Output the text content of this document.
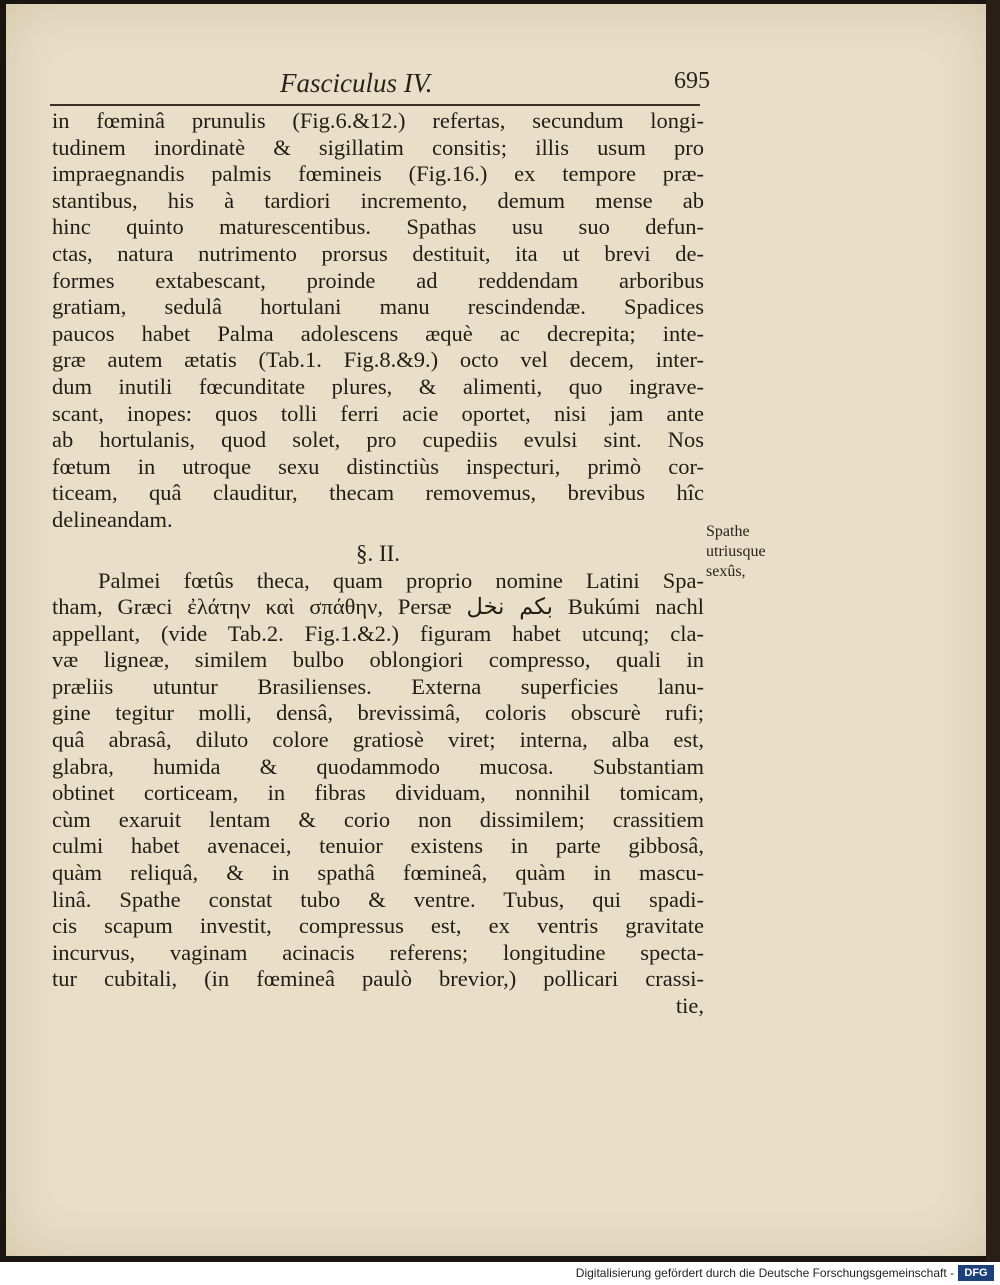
Fasciculus IV.	695
in fœminâ prunulis (Fig.6.&12.) refertas, secundum longi-
tudinem inordinatè & sigillatim consitis; illis usum pro
impraegnandis palmis fœmineis (Fig.16.) ex tempore præ-
stantibus, his à tardiori incremento, demum mense ab
hinc quinto maturescentibus. Spathas usu suo defun-
ctas, natura nutrimento prorsus destituit, ita ut brevi de-
formes extabescant, proinde ad reddendam arboribus
gratiam, sedulâ hortulani manu rescindendæ. Spadices
paucos habet Palma adolescens æquè ac decrepita; inte-
græ autem ætatis (Tab.1. Fig.8.&9.) octo vel decem, inter-
dum inutili fœcunditate plures, & alimenti, quo ingrave-
scant, inopes: quos tolli ferri acie oportet, nisi jam ante
ab hortulanis, quod solet, pro cupediis evulsi sint. Nos
fœtum in utroque sexu distinctiùs inspecturi, primò cor-
ticeam, quâ clauditur, thecam removemus, brevibus hîc
delineandam.
§. II.
Palmei fœtûs theca, quam proprio nomine Latini Spa-
tham, Græci ἐλάτην καὶ σπάθην, Persæ بكم نخل Bukúmi nachl
appellant, (vide Tab.2. Fig.1.&2.) figuram habet utcunq; cla-
væ ligneæ, similem bulbo oblongiori compresso, quali in
præliis utuntur Brasilienses. Externa superficies lanu-
gine tegitur molli, densâ, brevissimâ, coloris obscurè rufi;
quâ abrasâ, diluto colore gratiosè viret; interna, alba est,
glabra, humida & quodammodo mucosa. Substantiam
obtinet corticeam, in fibras dividuam, nonnihil tomicam,
cùm exaruit lentam & corio non dissimilem; crassitiem
culmi habet avenacei, tenuior existens in parte gibbosâ,
quàm reliquâ, & in spathâ fœmineâ, quàm in mascu-
linâ. Spathe constat tubo & ventre. Tubus, qui spadi-
cis scapum investit, compressus est, ex ventris gravitate
incurvus, vaginam acinacis referens; longitudine specta-
tur cubitali, (in fœmineâ paulò brevior,) pollicari crassi-
tie,
Spathe
utriusque
sexûs,
Digitalisierung gefördert durch die Deutsche Forschungsgemeinschaft - DFG
